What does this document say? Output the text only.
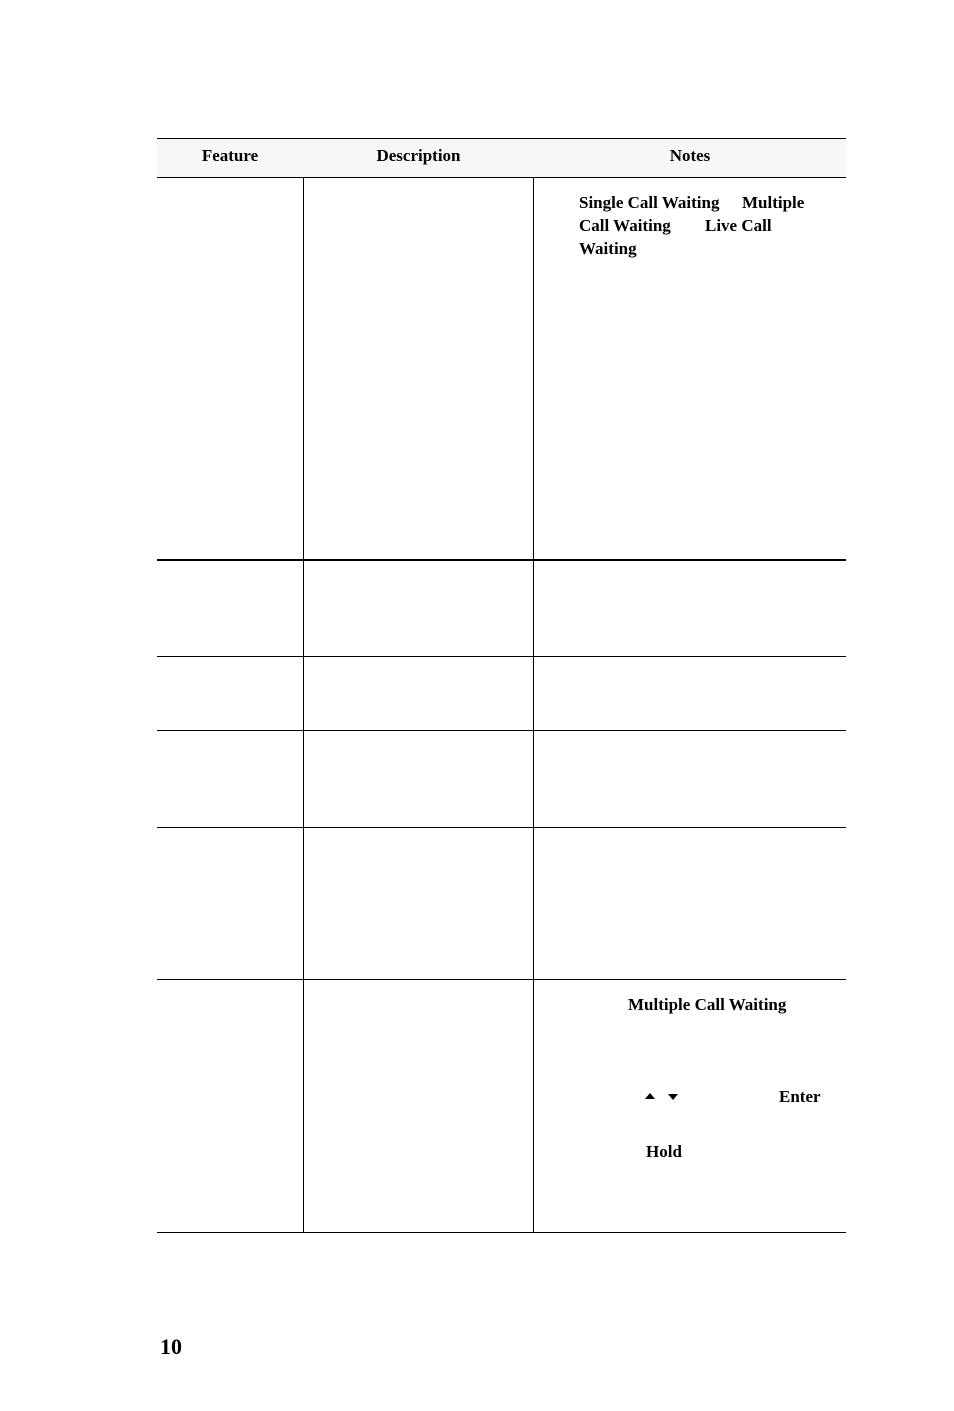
Feature	Description	Notes
Single Call Waiting Multiple
Call Waiting Live Call
Waiting
Multiple Call Waiting
Enter
Hold
10
